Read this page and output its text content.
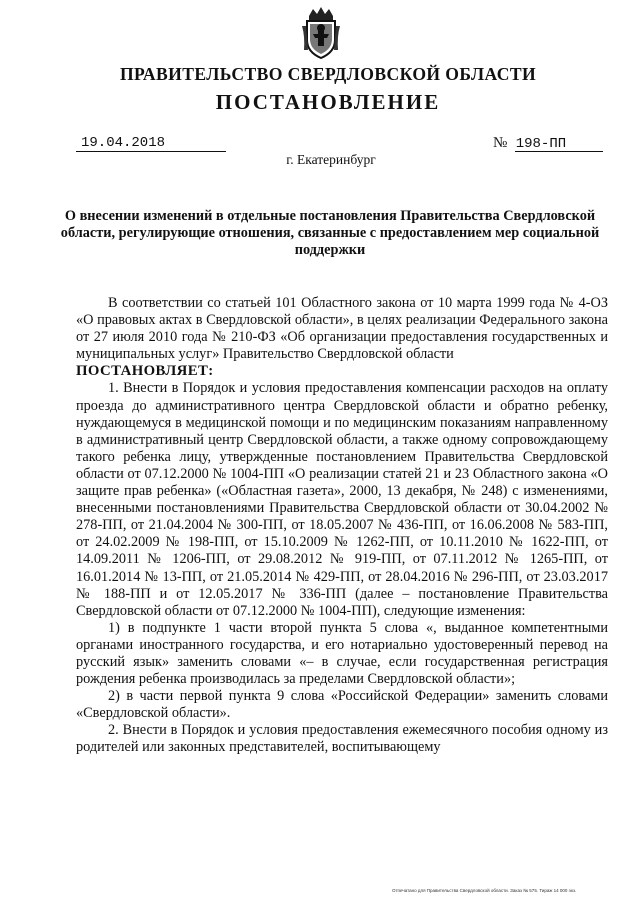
ПРАВИТЕЛЬСТВО СВЕРДЛОВСКОЙ ОБЛАСТИ
ПОСТАНОВЛЕНИЕ
19.04.2018	№ 198-ПП
г. Екатеринбург
О внесении изменений в отдельные постановления Правительства Свердловской области, регулирующие отношения, связанные с предоставлением мер социальной поддержки

В соответствии со статьей 101 Областного закона от 10 марта 1999 года № 4-ОЗ «О правовых актах в Свердловской области», в целях реализации Федерального закона от 27 июля 2010 года № 210-ФЗ «Об организации предоставления государственных и муниципальных услуг» Правительство Свердловской области

ПОСТАНОВЛЯЕТ:

1. Внести в Порядок и условия предоставления компенсации расходов на оплату проезда до административного центра Свердловской области и обратно ребенку, нуждающемуся в медицинской помощи и по медицинским показаниям направленному в административный центр Свердловской области, а также одному сопровождающему такого ребенка лицу, утвержденные постановлением Правительства Свердловской области от 07.12.2000 № 1004-ПП «О реализации статей 21 и 23 Областного закона «О защите прав ребенка» («Областная газета», 2000, 13 декабря, № 248) с изменениями, внесенными постановлениями Правительства Свердловской области от 30.04.2002 № 278-ПП, от 21.04.2004 № 300-ПП, от 18.05.2007 № 436-ПП, от 16.06.2008 № 583-ПП, от 24.02.2009 № 198-ПП, от 15.10.2009 № 1262-ПП, от 10.11.2010 № 1622-ПП, от 14.09.2011 № 1206-ПП, от 29.08.2012 № 919-ПП, от 07.11.2012 № 1265-ПП, от 16.01.2014 № 13-ПП, от 21.05.2014 № 429-ПП, от 28.04.2016 № 296-ПП, от 23.03.2017 № 188-ПП и от 12.05.2017 № 336-ПП (далее – постановление Правительства Свердловской области от 07.12.2000 № 1004-ПП), следующие изменения:

1) в подпункте 1 части второй пункта 5 слова «, выданное компетентными органами иностранного государства, и его нотариально удостоверенный перевод на русский язык» заменить словами «– в случае, если государственная регистрация рождения ребенка производилась за пределами Свердловской области»;

2) в части первой пункта 9 слова «Российской Федерации» заменить словами «Свердловской области».

2. Внести в Порядок и условия предоставления ежемесячного пособия одному из родителей или законных представителей, воспитывающему

Отпечатано для Правительства Свердловской области. Заказ № 575. Тираж 14 000 экз.
